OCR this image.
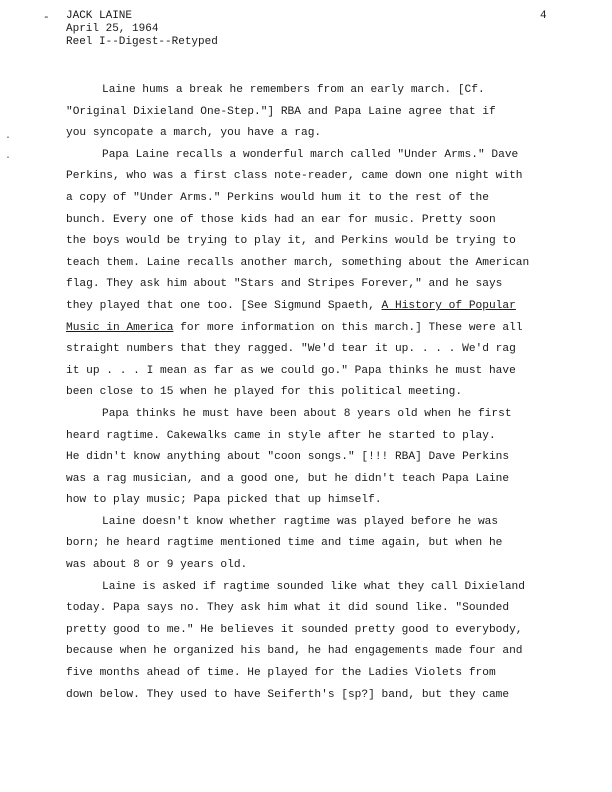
-
.
.
JACK LAINE
April 25, 1964
Reel I--Digest--Retyped
4
Laine hums a break he remembers from an early march. [Cf.
"Original Dixieland One-Step."] RBA and Papa Laine agree that if
you syncopate a march, you have a rag.
Papa Laine recalls a wonderful march called "Under Arms." Dave
Perkins, who was a first class note-reader, came down one night with
a copy of "Under Arms." Perkins would hum it to the rest of the
bunch. Every one of those kids had an ear for music. Pretty soon
the boys would be trying to play it, and Perkins would be trying to
teach them. Laine recalls another march, something about the American
flag. They ask him about "Stars and Stripes Forever," and he says
they played that one too. [See Sigmund Spaeth, A History of Popular
Music in America for more information on this march.] These were all
straight numbers that they ragged. "We'd tear it up. . . . We'd rag
it up . . . I mean as far as we could go." Papa thinks he must have
been close to 15 when he played for this political meeting.
Papa thinks he must have been about 8 years old when he first
heard ragtime. Cakewalks came in style after he started to play.
He didn't know anything about "coon songs." [!!! RBA] Dave Perkins
was a rag musician, and a good one, but he didn't teach Papa Laine
how to play music; Papa picked that up himself.
Laine doesn't know whether ragtime was played before he was
born; he heard ragtime mentioned time and time again, but when he
was about 8 or 9 years old.
Laine is asked if ragtime sounded like what they call Dixieland
today. Papa says no. They ask him what it did sound like. "Sounded
pretty good to me." He believes it sounded pretty good to everybody,
because when he organized his band, he had engagements made four and
five months ahead of time. He played for the Ladies Violets from
down below. They used to have Seiferth's [sp?] band, but they came
